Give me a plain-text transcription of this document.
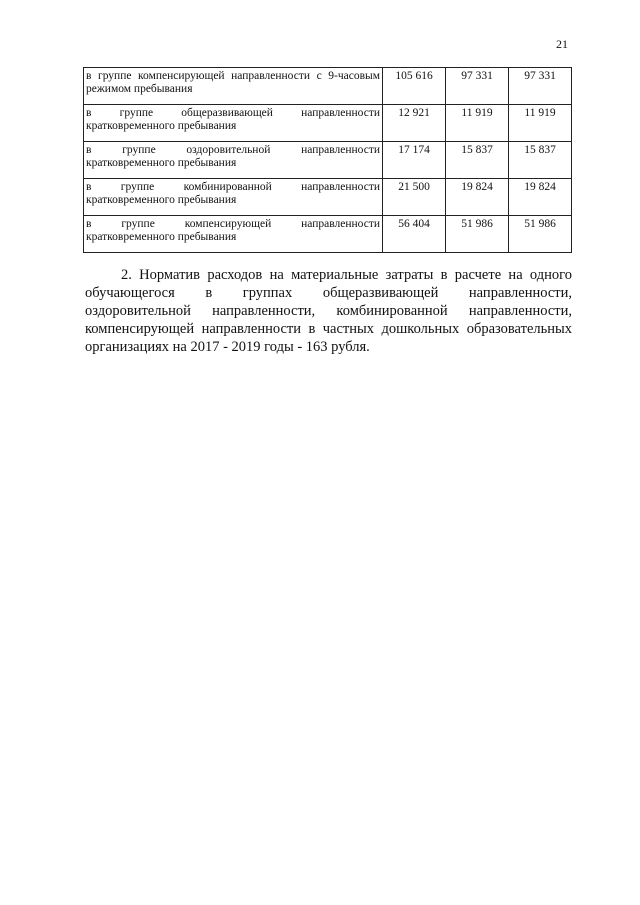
21
в группе компенсирующей направленности с 9-часовым режимом пребывания	105 616	97 331	97 331
в группе общеразвивающей направленности кратковременного пребывания	12 921	11 919	11 919
в группе оздоровительной направленности кратковременного пребывания	17 174	15 837	15 837
в группе комбинированной направленности кратковременного пребывания	21 500	19 824	19 824
в группе компенсирующей направленности кратковременного пребывания	56 404	51 986	51 986

2. Норматив расходов на материальные затраты в расчете на одного обучающегося в группах общеразвивающей направленности, оздоровительной направленности, комбинированной направленности, компенсирующей направленности в частных дошкольных образовательных организациях на 2017 - 2019 годы - 163 рубля.
